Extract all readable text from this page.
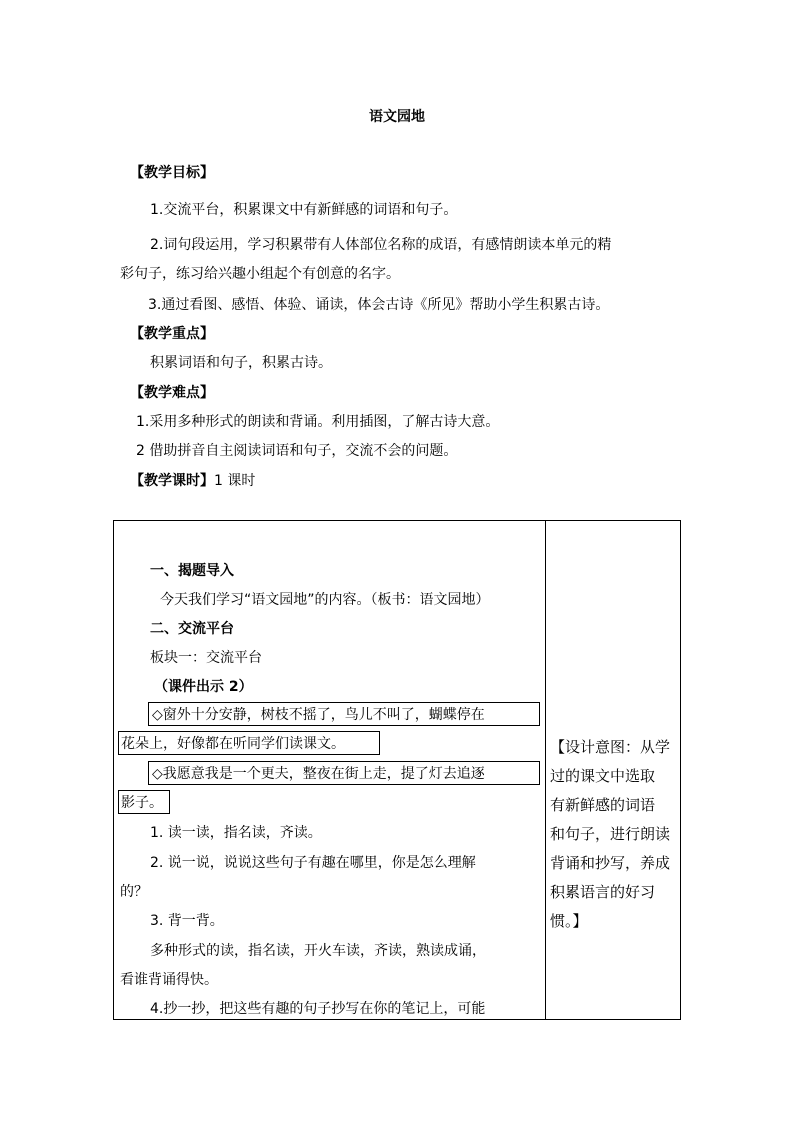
语文园地
【教学目标】
1.交流平台，积累课文中有新鲜感的词语和句子。
2.词句段运用，学习积累带有人体部位名称的成语，有感情朗读本单元的精
彩句子，练习给兴趣小组起个有创意的名字。
3.通过看图、感悟、体验、诵读，体会古诗《所见》帮助小学生积累古诗。
【教学重点】
积累词语和句子，积累古诗。
【教学难点】
1.采用多种形式的朗读和背诵。利用插图，了解古诗大意。
2 借助拼音自主阅读词语和句子，交流不会的问题。
【教学课时】1 课时
一、揭题导入
今天我们学习“语文园地”的内容。（板书：语文园地）
二、交流平台
板块一：交流平台
（课件出示 2）
◇窗外十分安静，树枝不摇了，鸟儿不叫了，蝴蝶停在
花朵上，好像都在听同学们读课文。
◇我愿意我是一个更夫，整夜在街上走，提了灯去追逐
影子。
1. 读一读，指名读，齐读。
2. 说一说，说说这些句子有趣在哪里，你是怎么理解
的？
3. 背一背。
多种形式的读，指名读，开火车读，齐读，熟读成诵，
看谁背诵得快。
4.抄一抄，把这些有趣的句子抄写在你的笔记上，可能
【设计意图：从学
过的课文中选取
有新鲜感的词语
和句子，进行朗读
背诵和抄写，养成
积累语言的好习
惯。】
